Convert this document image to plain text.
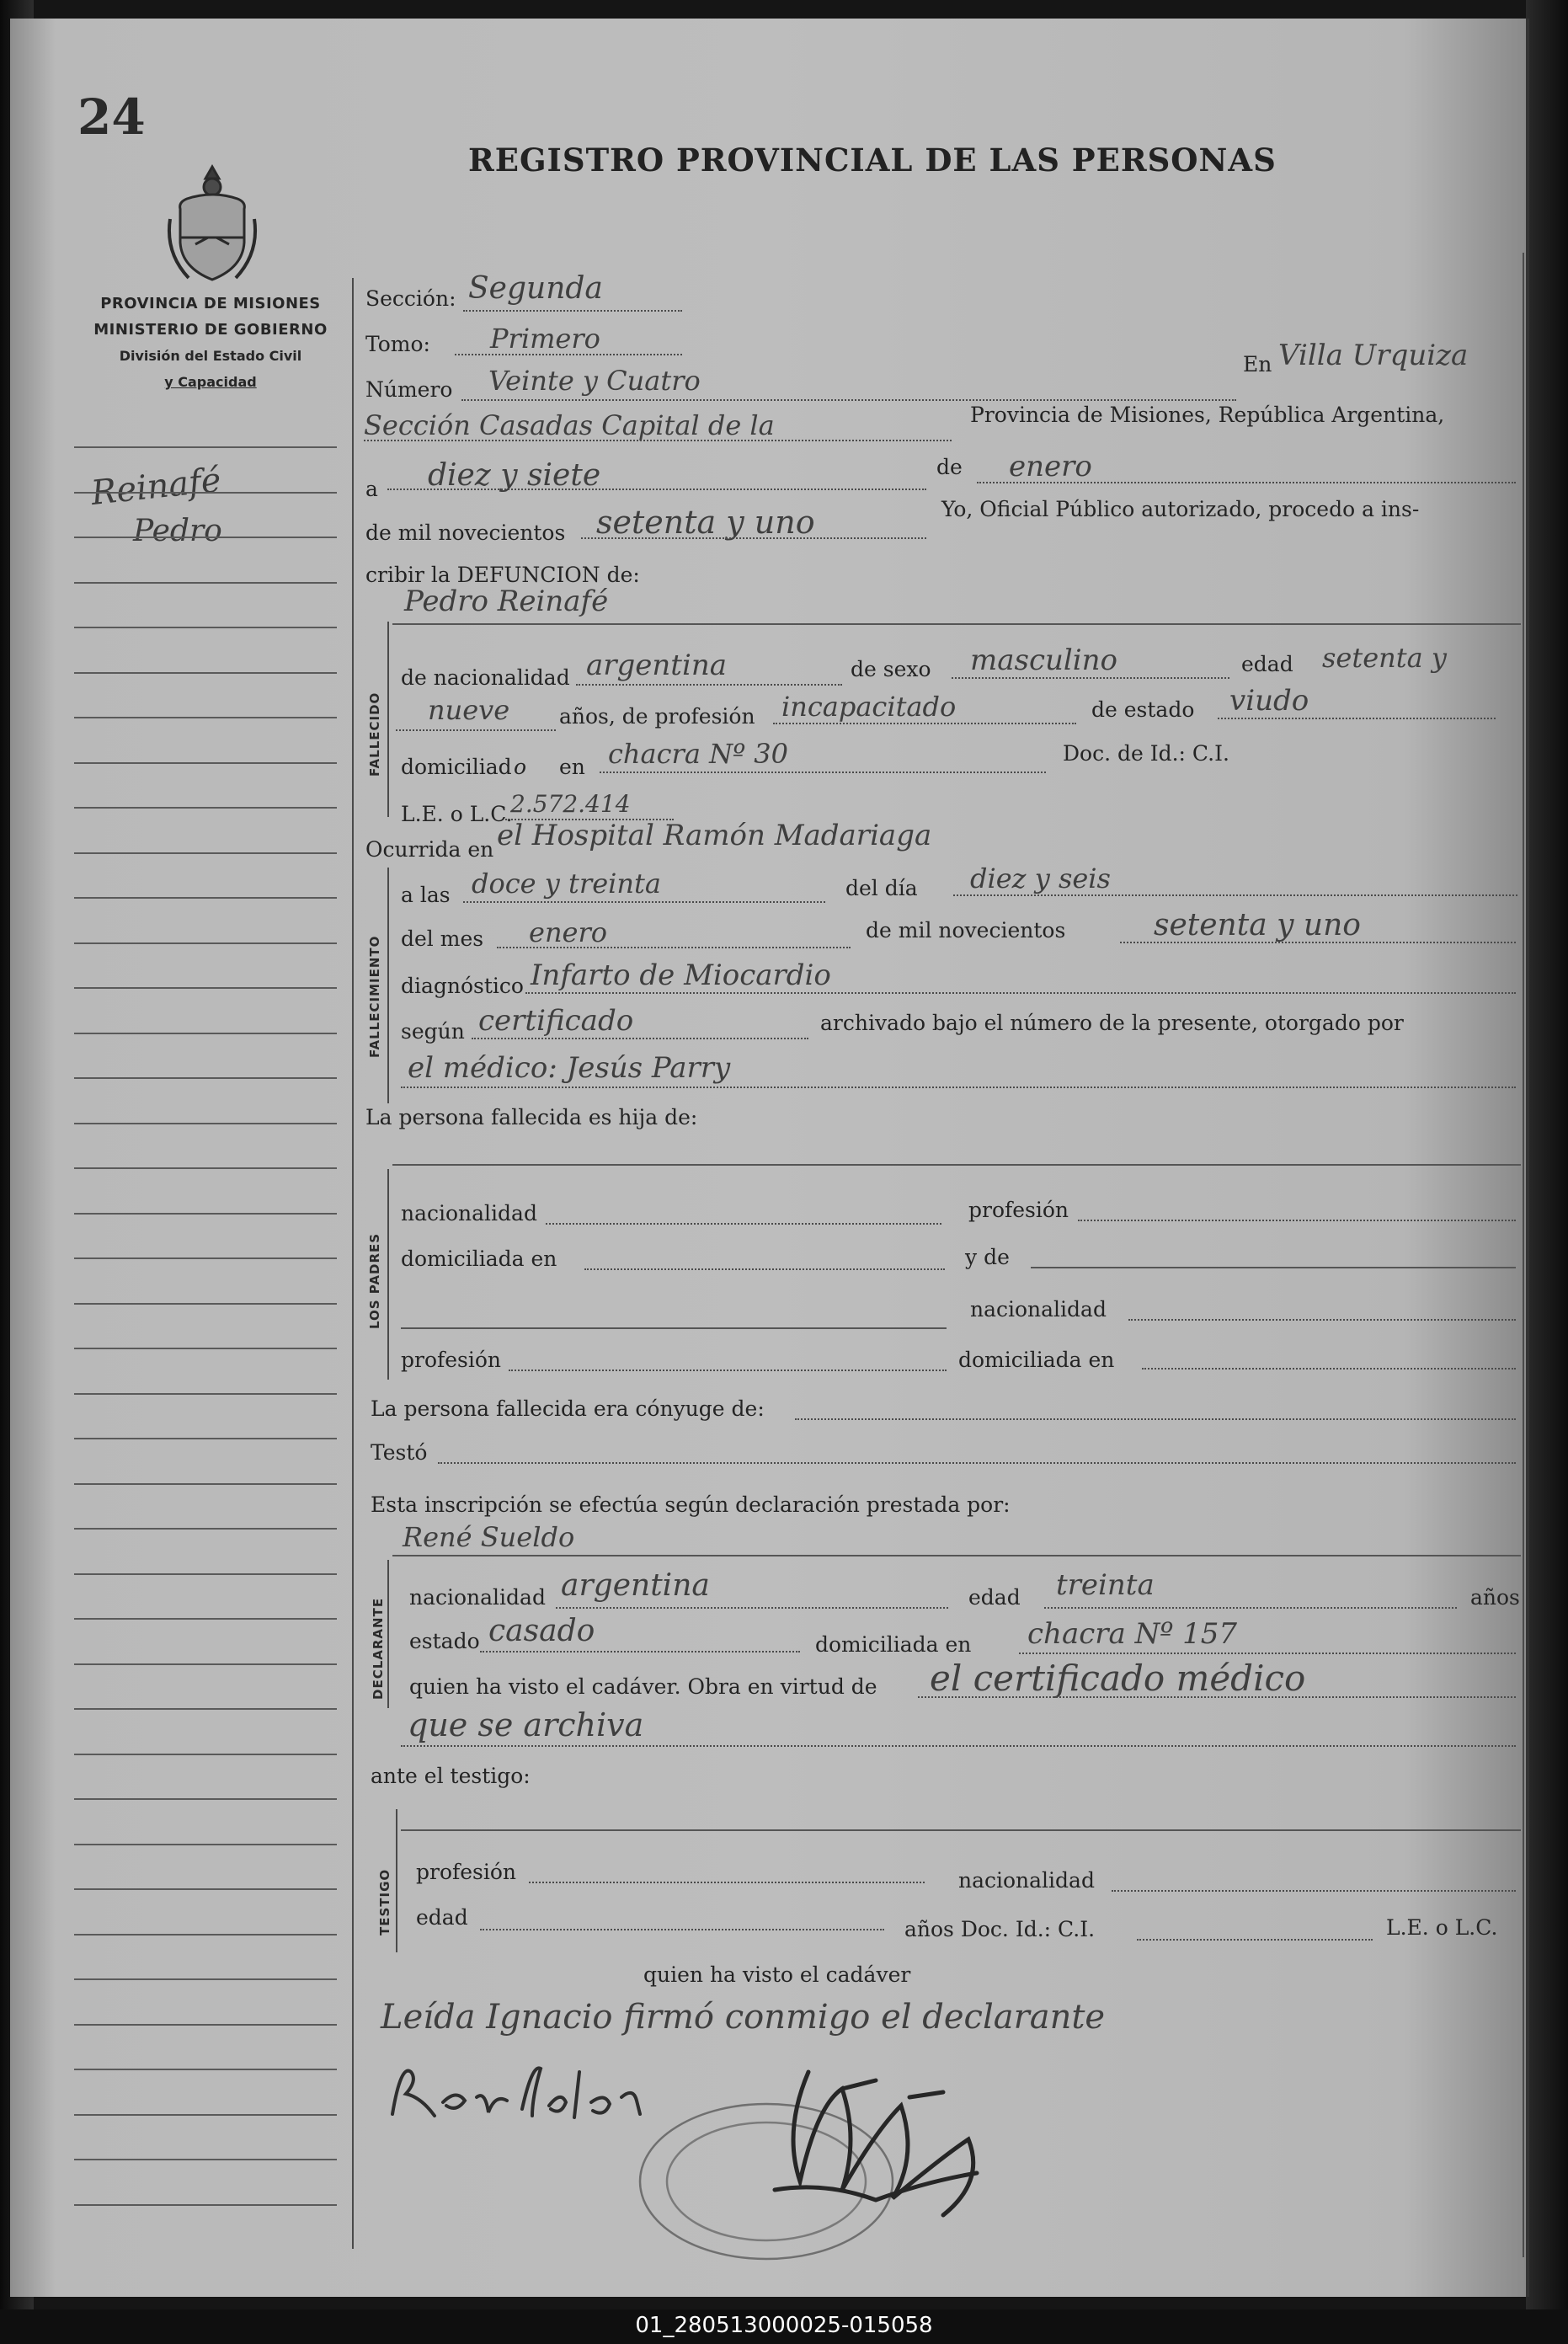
24
REGISTRO PROVINCIAL DE LAS PERSONAS
PROVINCIA DE MISIONES
MINISTERIO DE GOBIERNO
División del Estado Civil
y Capacidad
Reinafé
Pedro
Sección: Segunda
Tomo: Primero
Número Veinte y Cuatro
En Villa Urquiza
Sección Casadas Capital de la	Provincia de Misiones, República Argentina,
a diez y siete	de enero
de mil novecientos setenta y uno	Yo, Oficial Público autorizado, procedo a ins-
cribir la DEFUNCION de:
FALLECIDO
Pedro Reinafé
de nacionalidad argentina	de sexo masculino	edad setenta y
nueve años, de profesión incapacitado	de estado viudo
domiciliad o en chacra Nº 30	Doc. de Id.: C.I.
L.E. o L.C.
2.572.414
Ocurrida en el Hospital Ramón Madariaga
FALLECIMIENTO
a las doce y treinta	del día diez y seis
del mes enero	de mil novecientos	setenta y uno
diagnóstico Infarto de Miocardio
según certificado	archivado bajo el número de la presente, otorgado por
el médico: Jesús Parry
La persona fallecida es hija de:
LOS PADRES
nacionalidad	profesión
domiciliada en	y de
nacionalidad
profesión	domiciliada en
La persona fallecida era cónyuge de:
Testó
Esta inscripción se efectúa según declaración prestada por:
René Sueldo
DECLARANTE
nacionalidad argentina	edad treinta	años
estado casado	domiciliada en chacra Nº 157
quien ha visto el cadáver. Obra en virtud de el certificado médico
que se archiva
ante el testigo:
TESTIGO profesión	nacionalidad
edad	años Doc. Id.: C.I.	L.E. o L.C.
quien ha visto el cadáver
Leída Ignacio firmó conmigo el declarante
01_280513000025-015058
